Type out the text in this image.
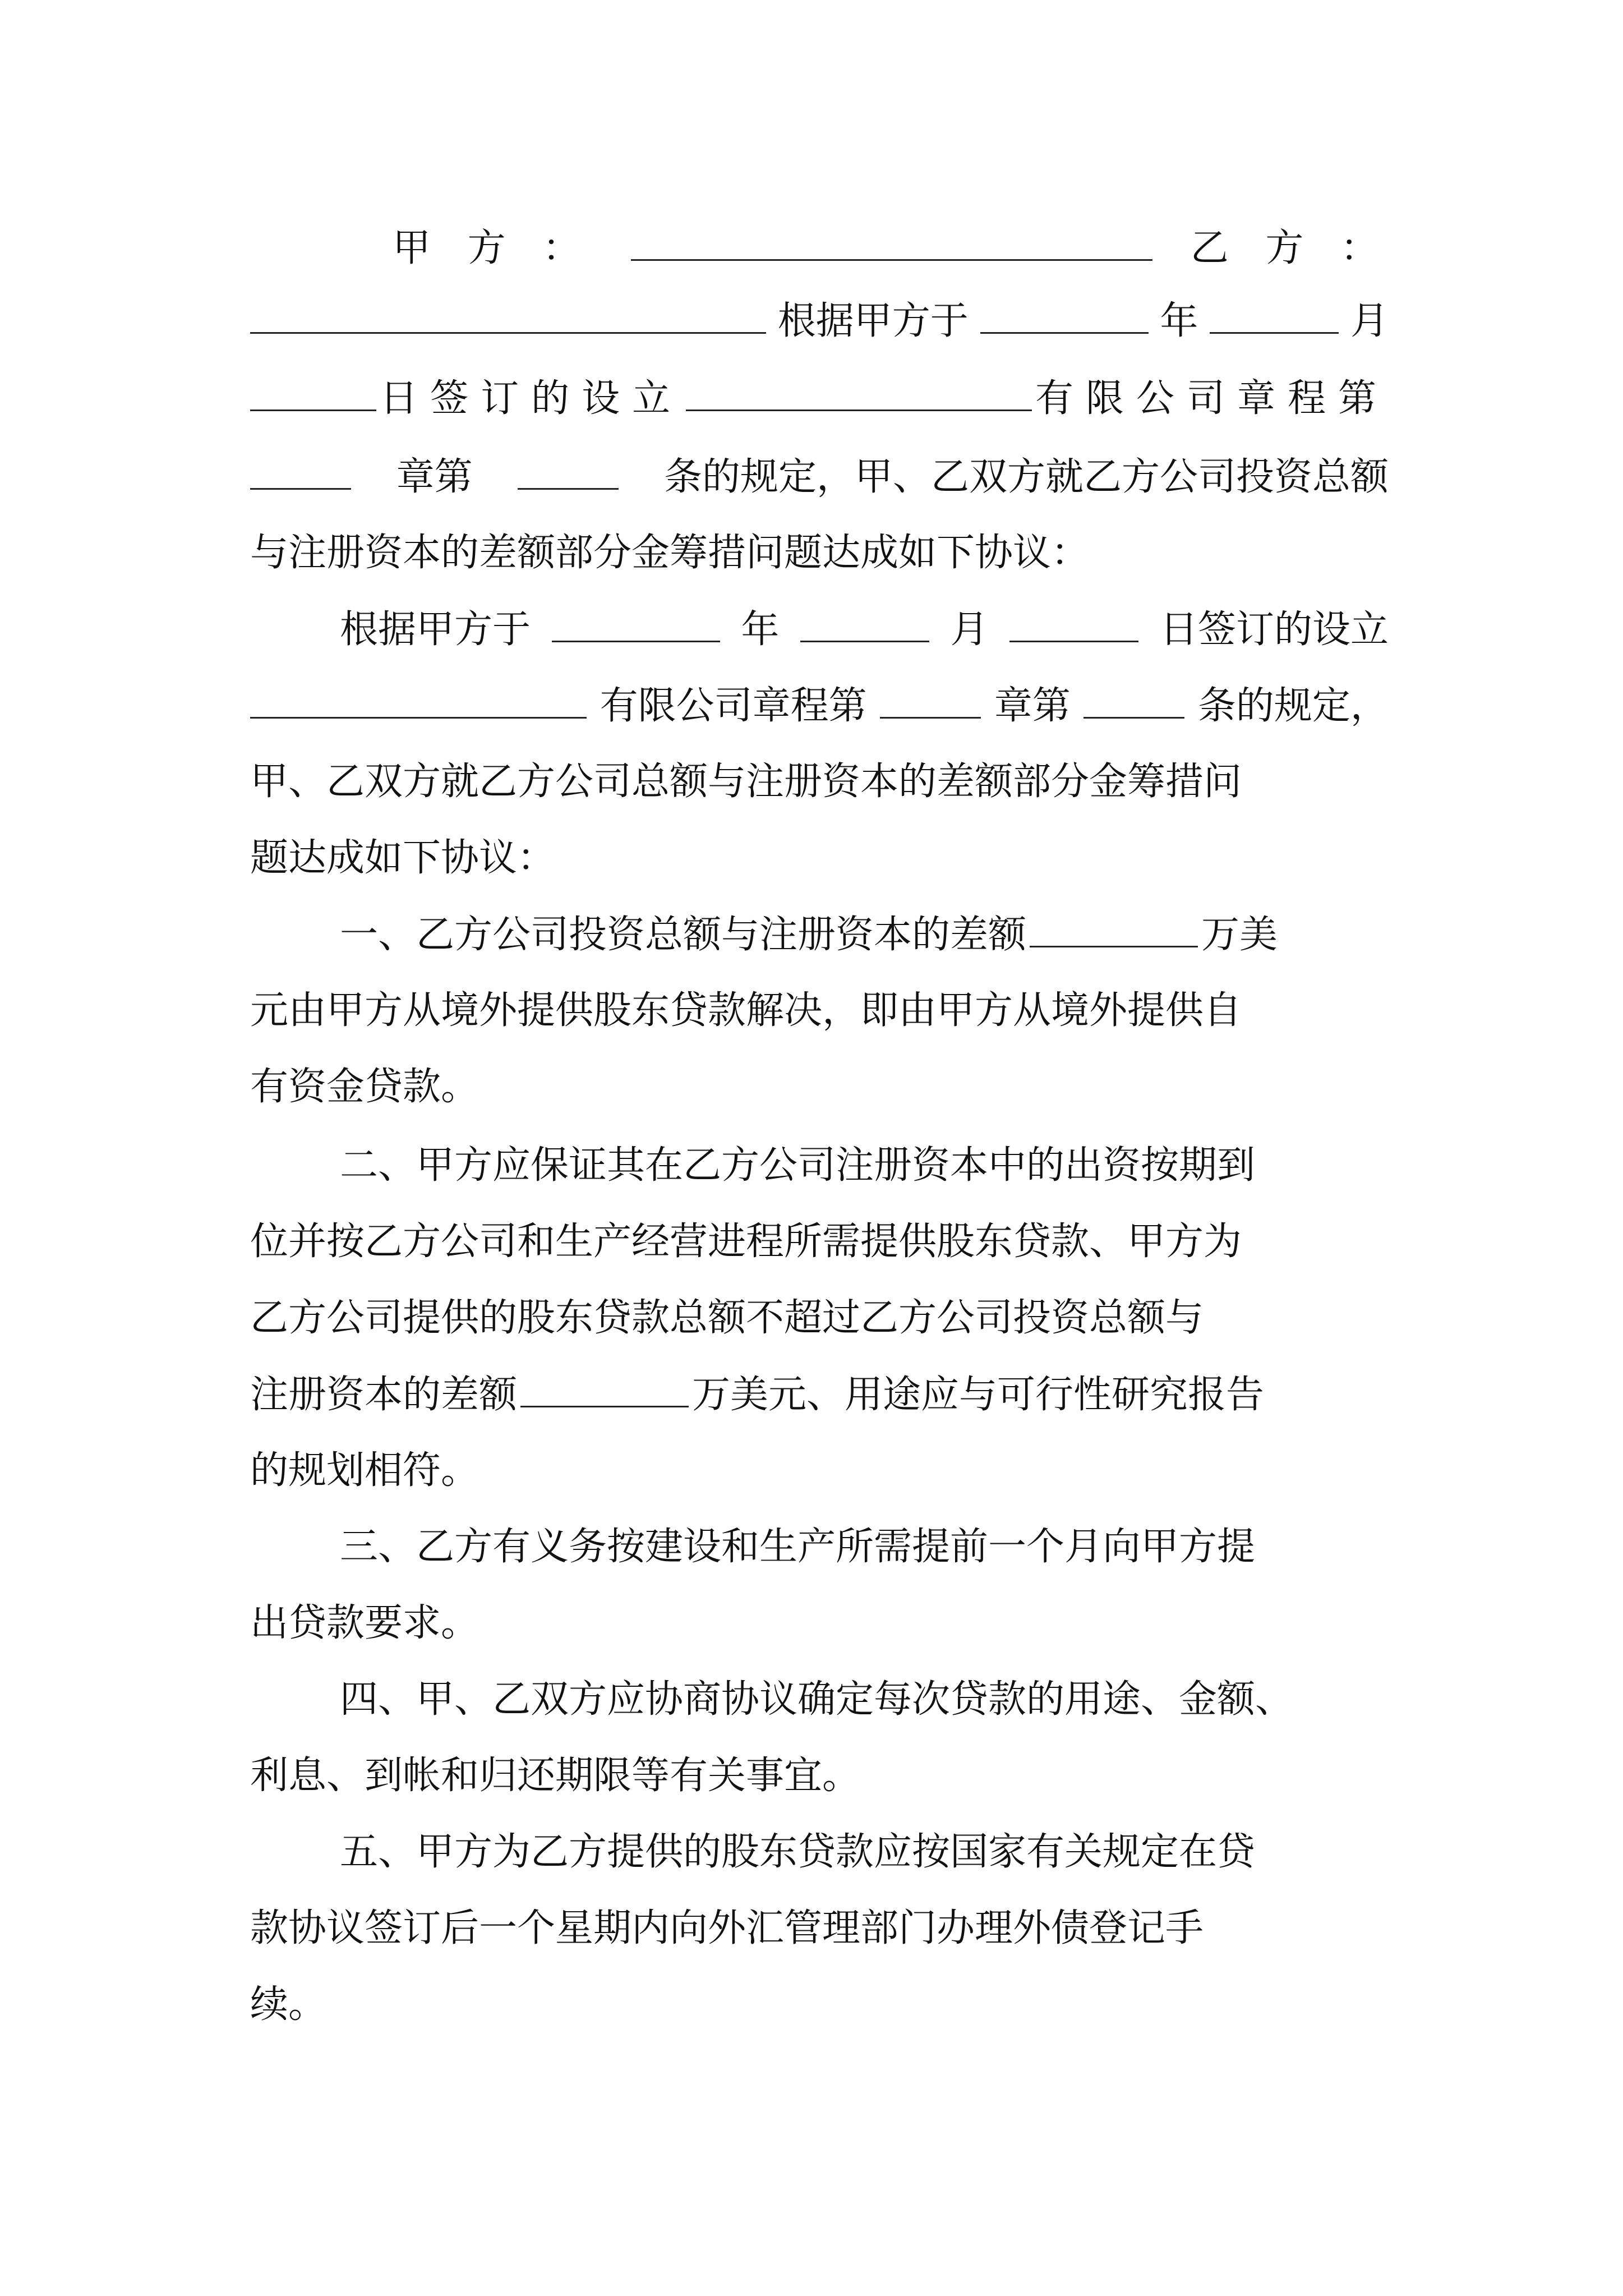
甲 方 ：	乙 方 ：
根据甲方于	年	月
日签订的设立	有限公司章程第
章第	条的规定，甲、乙双方就乙方公司投资总额
与注册资本的差额部分金筹措问题达成如下协议：
根据甲方于	年	月	日签订的设立
有限公司章程第	章第	条的规定，
甲、乙双方就乙方公司总额与注册资本的差额部分金筹措问
题达成如下协议：
一、乙方公司投资总额与注册资本的差额	万美
元由甲方从境外提供股东贷款解决，即由甲方从境外提供自
有资金贷款。
二、甲方应保证其在乙方公司注册资本中的出资按期到
位并按乙方公司和生产经营进程所需提供股东贷款、甲方为
乙方公司提供的股东贷款总额不超过乙方公司投资总额与
注册资本的差额	万美元、用途应与可行性研究报告
的规划相符。
三、乙方有义务按建设和生产所需提前一个月向甲方提
出贷款要求。
四、甲、乙双方应协商协议确定每次贷款的用途、金额、
利息、到帐和归还期限等有关事宜。
五、甲方为乙方提供的股东贷款应按国家有关规定在贷
款协议签订后一个星期内向外汇管理部门办理外债登记手
续。
